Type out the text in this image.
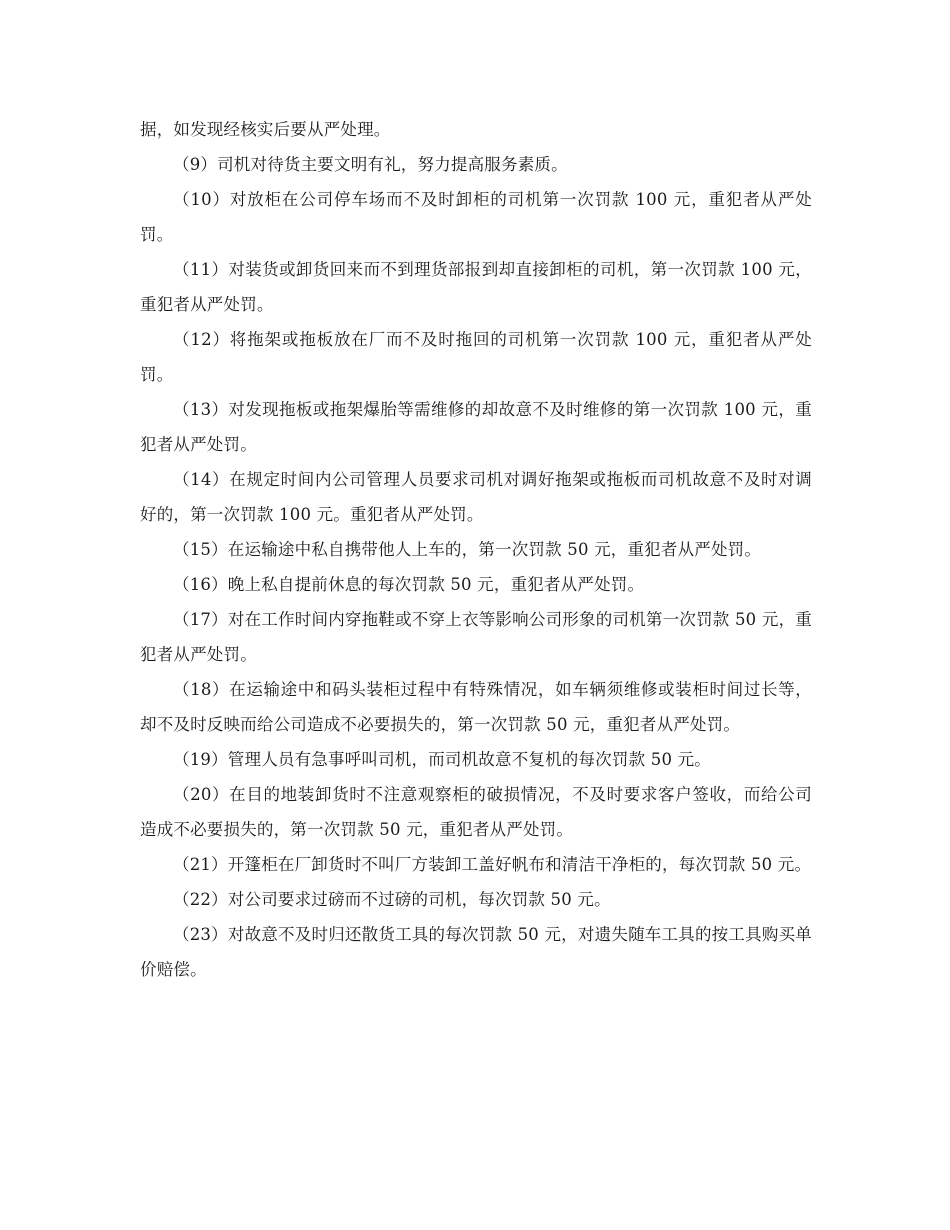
据，如发现经核实后要从严处理。

（9）司机对待货主要文明有礼，努力提高服务素质。

（10）对放柜在公司停车场而不及时卸柜的司机第一次罚款 100 元，重犯者从严处罚。

（11）对装货或卸货回来而不到理货部报到却直接卸柜的司机，第一次罚款 100 元，重犯者从严处罚。

（12）将拖架或拖板放在厂而不及时拖回的司机第一次罚款 100 元，重犯者从严处罚。

（13）对发现拖板或拖架爆胎等需维修的却故意不及时维修的第一次罚款 100 元，重犯者从严处罚。

（14）在规定时间内公司管理人员要求司机对调好拖架或拖板而司机故意不及时对调好的，第一次罚款 100 元。重犯者从严处罚。

（15）在运输途中私自携带他人上车的，第一次罚款 50 元，重犯者从严处罚。

（16）晚上私自提前休息的每次罚款 50 元，重犯者从严处罚。

（17）对在工作时间内穿拖鞋或不穿上衣等影响公司形象的司机第一次罚款 50 元，重犯者从严处罚。

（18）在运输途中和码头装柜过程中有特殊情况，如车辆须维修或装柜时间过长等，却不及时反映而给公司造成不必要损失的，第一次罚款 50 元，重犯者从严处罚。

（19）管理人员有急事呼叫司机，而司机故意不复机的每次罚款 50 元。

（20）在目的地装卸货时不注意观察柜的破损情况，不及时要求客户签收，而给公司造成不必要损失的，第一次罚款 50 元，重犯者从严处罚。

（21）开篷柜在厂卸货时不叫厂方装卸工盖好帆布和清洁干净柜的，每次罚款 50 元。

（22）对公司要求过磅而不过磅的司机，每次罚款 50 元。

（23）对故意不及时归还散货工具的每次罚款 50 元，对遗失随车工具的按工具购买单价赔偿。
